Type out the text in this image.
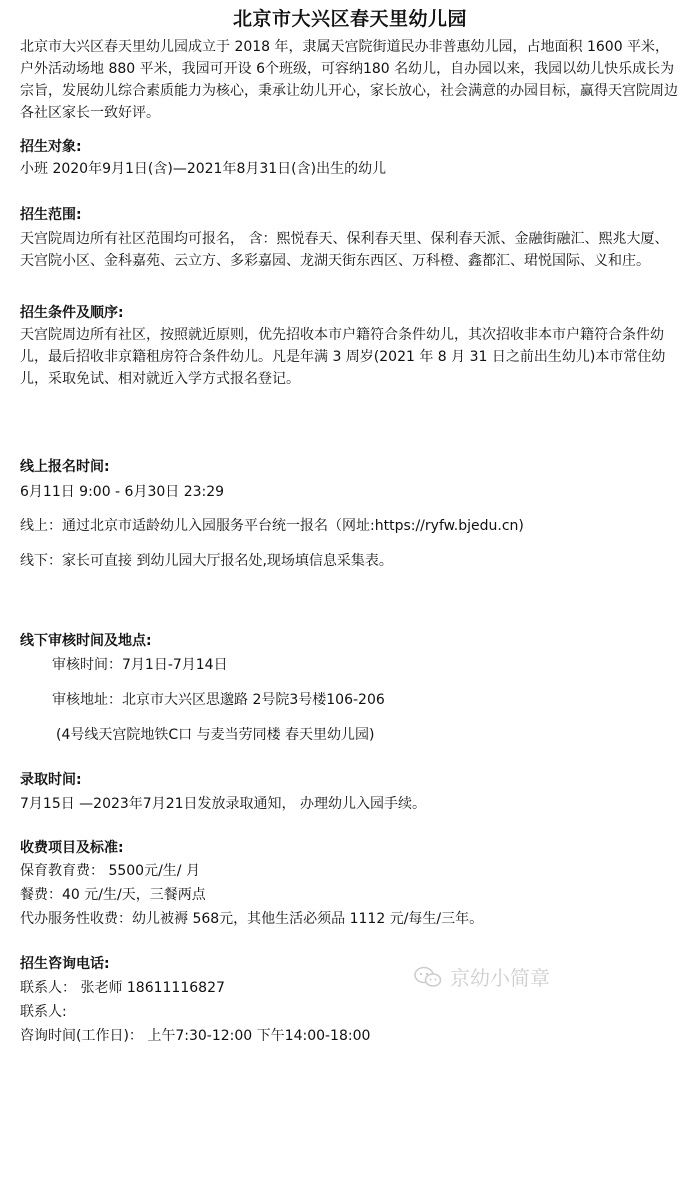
北京市大兴区春天里幼儿园

北京市大兴区春天里幼儿园成立于 2018 年，隶属天宫院街道民办非普惠幼儿园，占地面积 1600 平米，户外活动场地 880 平米，我园可开设 6个班级，可容纳180 名幼儿，自办园以来，我园以幼儿快乐成长为宗旨，发展幼儿综合素质能力为核心，秉承让幼儿开心，家长放心，社会满意的办园目标，赢得天宫院周边各社区家长一致好评。

招生对象:
小班 2020年9月1日(含)—2021年8月31日(含)出生的幼儿
招生范围:

天宫院周边所有社区范围均可报名， 含：熙悦春天、保利春天里、保利春天派、金融街融汇、熙兆大厦、天宫院小区、金科嘉苑、云立方、多彩嘉园、龙湖天街东西区、万科橙、鑫都汇、珺悦国际、义和庄。

招生条件及顺序:

天宫院周边所有社区，按照就近原则，优先招收本市户籍符合条件幼儿，其次招收非本市户籍符合条件幼儿，最后招收非京籍租房符合条件幼儿。凡是年满 3 周岁(2021 年 8 月 31 日之前出生幼儿)本市常住幼儿，采取免试、相对就近入学方式报名登记。

线上报名时间:
6月11日 9:00 - 6月30日 23:29
线上：通过北京市适龄幼儿入园服务平台统一报名（网址:https://ryfw.bjedu.cn)
线下：家长可直接 到幼儿园大厅报名处,现场填信息采集表。
线下审核时间及地点:
审核时间：7月1日-7月14日
审核地址：北京市大兴区思邈路 2号院3号楼106-206
(4号线天宫院地铁C口 与麦当劳同楼 春天里幼儿园)
录取时间:
7月15日 —2023年7月21日发放录取通知， 办理幼儿入园手续。
收费项目及标准:
保育教育费： 5500元/生/ 月
餐费：40 元/生/天，三餐两点
代办服务性收费：幼儿被褥 568元，其他生活必须品 1112 元/每生/三年。
招生咨询电话:
联系人： 张老师 18611116827
联系人:
咨询时间(工作日)： 上午7:30-12:00 下午14:00-18:00
京幼小简章
